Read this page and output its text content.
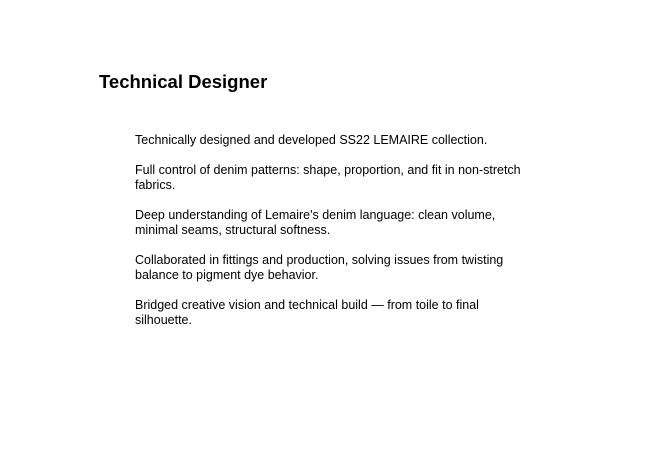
Technical Designer
Technically designed and developed SS22 LEMAIRE collection.
Full control of denim patterns: shape, proportion, and fit in non-stretch fabrics.
Deep understanding of Lemaire's denim language: clean volume, minimal seams, structural softness.
Collaborated in fittings and production, solving issues from twisting balance to pigment dye behavior.
Bridged creative vision and technical build — from toile to final silhouette.
